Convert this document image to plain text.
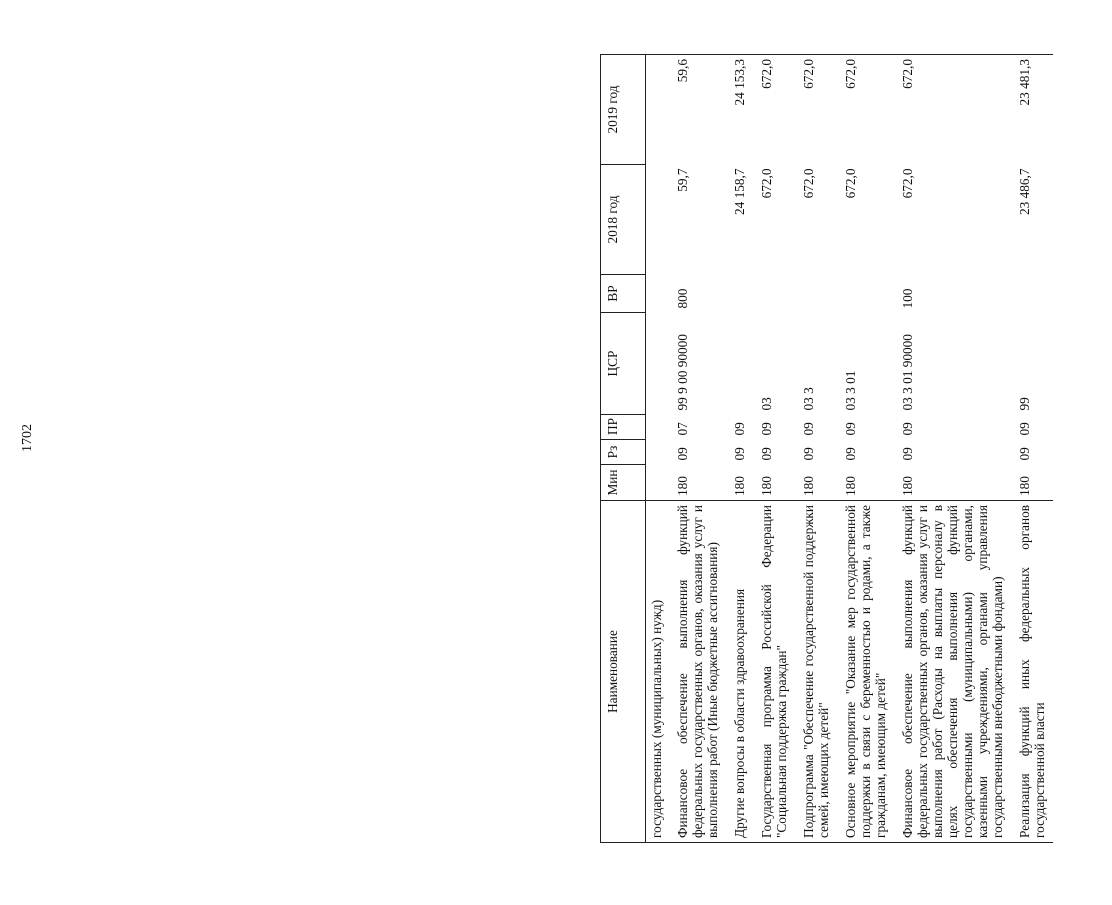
1702
Наименование	Мин	Рз	ПР	ЦСР	ВР	2018 год	2019 год
государственных (муниципальных) нужд)							
Финансовое обеспечение выполнения функций федеральных государственных органов, оказания услуг и выполнения работ (Иные бюджетные ассигнования)	180	09	07	99 9 00 90000	800	59,7	59,6
Другие вопросы в области здравоохранения	180	09	09			24 158,7	24 153,3
Государственная программа Российской Федерации "Социальная поддержка граждан"	180	09	09	03		672,0	672,0
Подпрограмма "Обеспечение государственной поддержки семей, имеющих детей"	180	09	09	03 3		672,0	672,0
Основное мероприятие "Оказание мер государственной поддержки в связи с беременностью и родами, а также гражданам, имеющим детей"	180	09	09	03 3 01		672,0	672,0
Финансовое обеспечение выполнения функций федеральных государственных органов, оказания услуг и выполнения работ (Расходы на выплаты персоналу в целях обеспечения выполнения функций государственными (муниципальными) органами, казенными учреждениями, органами управления государственными внебюджетными фондами)	180	09	09	03 3 01 90000	100	672,0	672,0
Реализация функций иных федеральных органов государственной власти	180	09	09	99		23 486,7	23 481,3
